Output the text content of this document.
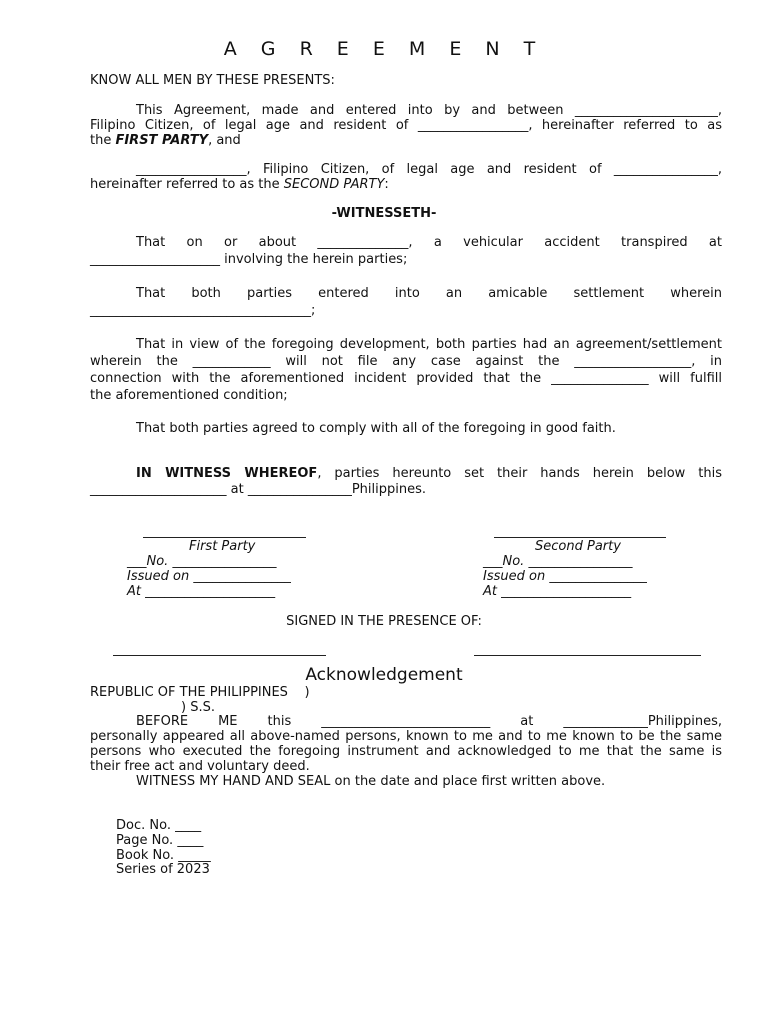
A G R E E M E N T
KNOW ALL MEN BY THESE PRESENTS:
This Agreement, made and entered into by and between ______________________,
Filipino Citizen, of legal age and resident of _________________, hereinafter referred to as
the FIRST PARTY, and
_________________, Filipino Citizen, of legal age and resident of ________________,
hereinafter referred to as the SECOND PARTY:
-WITNESSETH-
That on or about ______________, a vehicular accident transpired at
____________________ involving the herein parties;
That both parties entered into an amicable settlement wherein
__________________________________;
That in view of the foregoing development, both parties had an agreement/settlement
wherein the ____________ will not file any case against the __________________, in
connection with the aforementioned incident provided that the _______________ will fulfill
the aforementioned condition;
That both parties agreed to comply with all of the foregoing in good faith.
IN WITNESS WHEREOF, parties hereunto set their hands herein below this
_____________________ at ________________Philippines.
First Party
___No. ________________
Issued on _______________
At ____________________
Second Party
___No. ________________
Issued on _______________
At ____________________
SIGNED IN THE PRESENCE OF:
Acknowledgement
REPUBLIC OF THE PHILIPPINES    )
) S.S.
BEFORE ME this __________________________ at _____________Philippines,
personally appeared all above-named persons, known to me and to me known to be the same
persons who executed the foregoing instrument and acknowledged to me that the same is
their free act and voluntary deed.
WITNESS MY HAND AND SEAL on the date and place first written above.
Doc. No. ____
Page No. ____
Book No. _____
Series of 2023
